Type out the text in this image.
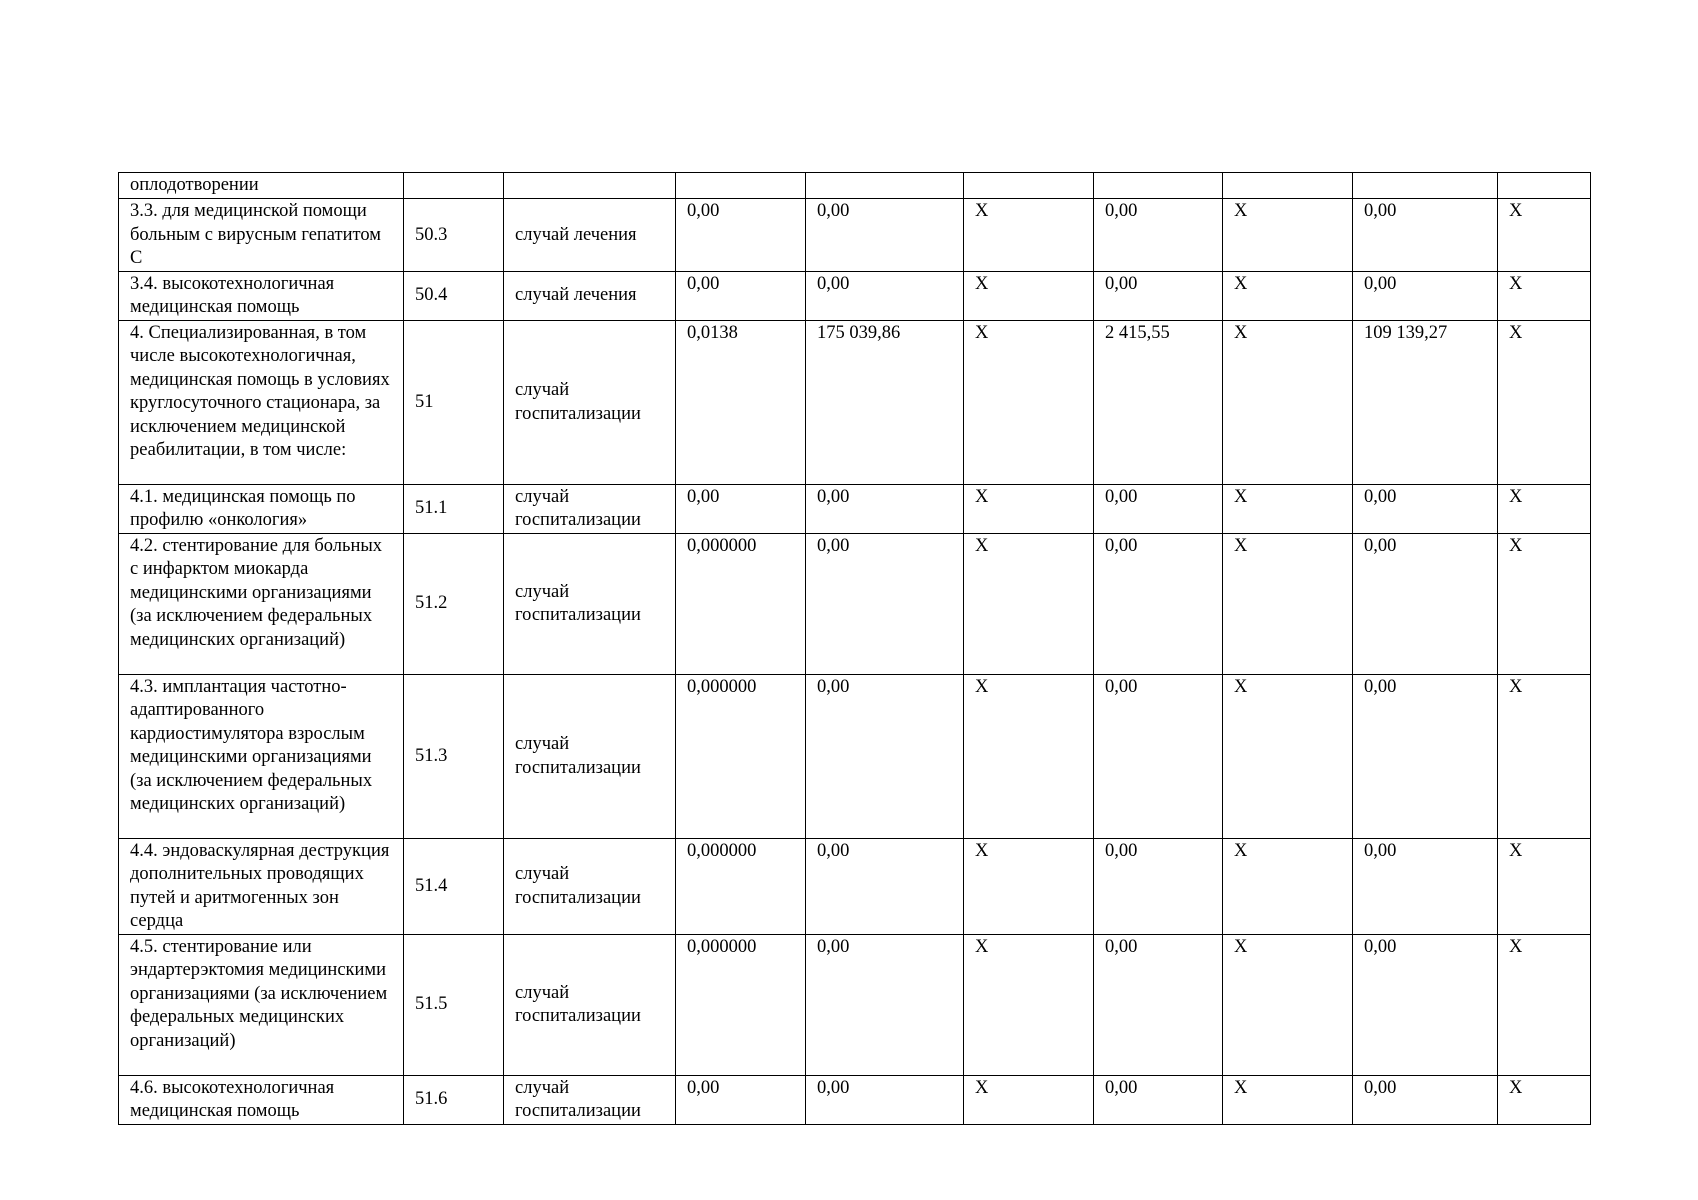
оплодотворении									

3.3. для медицинской помощи больным с вирусным гепатитом С	50.3	случай лечения	0,00	0,00	X	0,00	X	0,00	X

3.4. высокотехнологичная медицинская помощь	50.4	случай лечения	0,00	0,00	X	0,00	X	0,00	X

4. Специализированная, в том числе высокотехнологичная, медицинская помощь в условиях круглосуточного стационара, за исключением медицинской реабилитации, в том числе:	51	случай госпитализации	0,0138	175 039,86	X	2 415,55	X	109 139,27	X

4.1. медицинская помощь по профилю «онкология»	51.1	случай госпитализации	0,00	0,00	X	0,00	X	0,00	X

4.2. стентирование для больных с инфарктом миокарда медицинскими организациями (за исключением федеральных медицинских организаций)	51.2	случай госпитализации	0,000000	0,00	X	0,00	X	0,00	X

4.3. имплантация частотно-адаптированного кардиостимулятора взрослым медицинскими организациями (за исключением федеральных медицинских организаций)	51.3	случай госпитализации	0,000000	0,00	X	0,00	X	0,00	X

4.4. эндоваскулярная деструкция дополнительных проводящих путей и аритмогенных зон сердца	51.4	случай госпитализации	0,000000	0,00	X	0,00	X	0,00	X

4.5. стентирование или эндартерэктомия медицинскими организациями (за исключением федеральных медицинских организаций)	51.5	случай госпитализации	0,000000	0,00	X	0,00	X	0,00	X

4.6. высокотехнологичная медицинская помощь	51.6	случай госпитализации	0,00	0,00	X	0,00	X	0,00	X
